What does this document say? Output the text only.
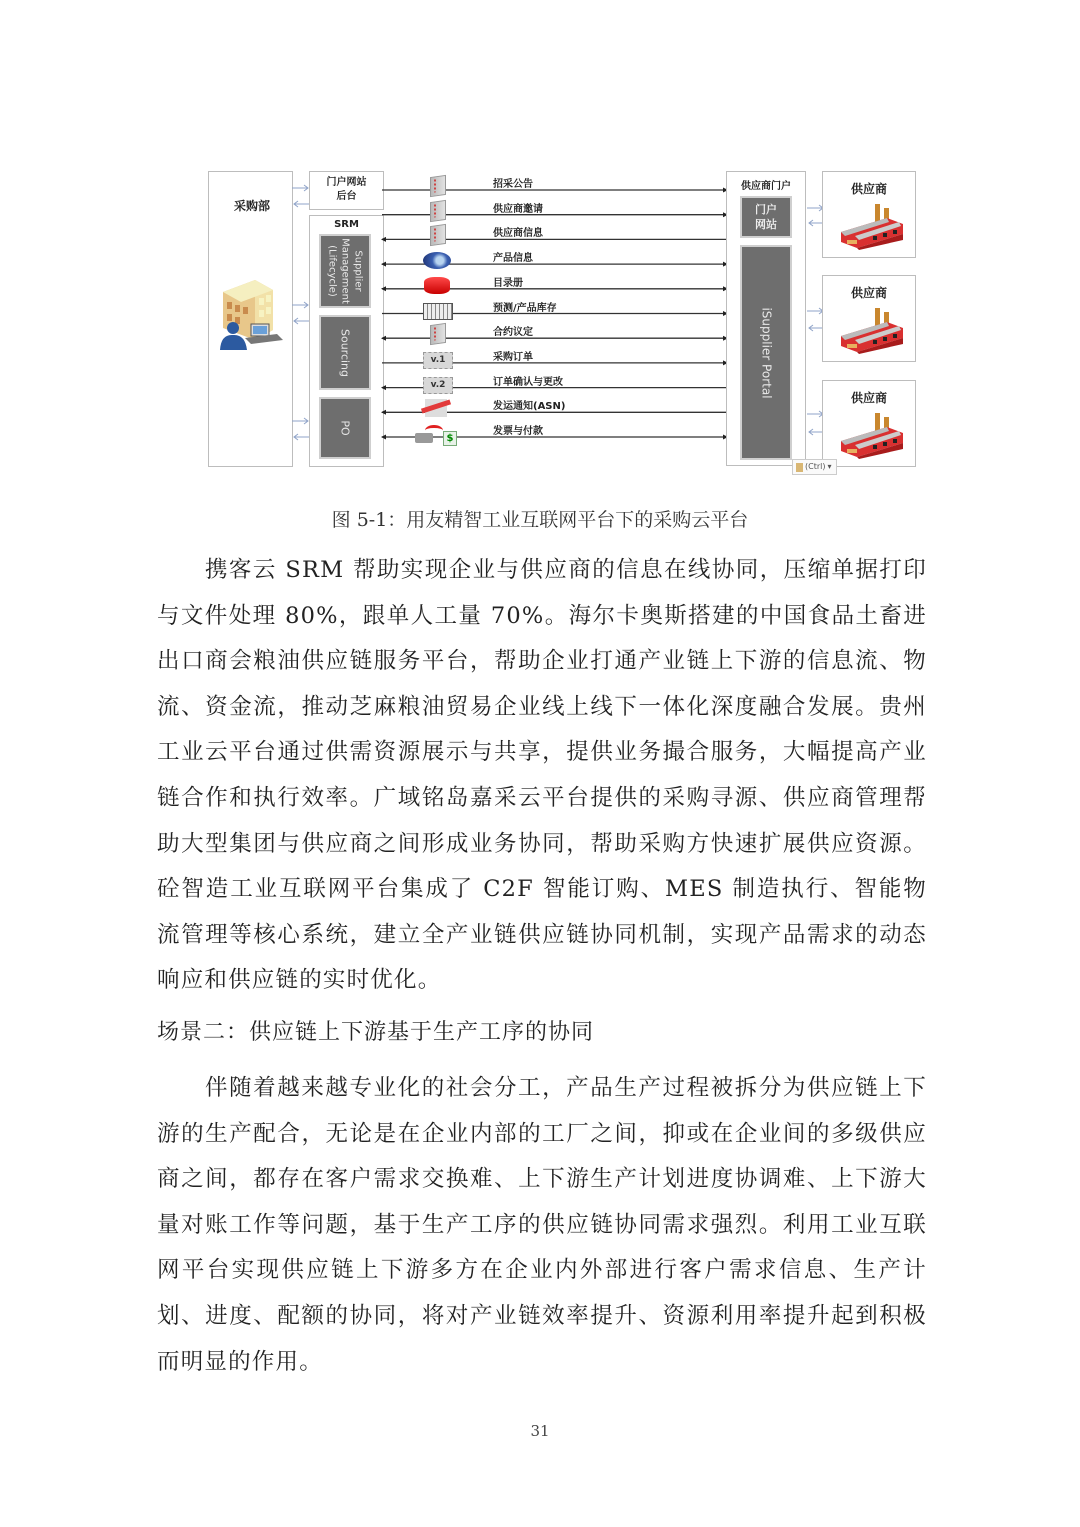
采购部
门户网站
后台
SRM
Supplier Management (Lifecycle)
Sourcing
PO
招采公告
供应商邀请
供应商信息
产品信息
目录册
预测/产品库存
合约议定
采购订单
订单确认与更改
发运通知(ASN)
发票与付款
v.1
v.2
$
供应商门户
门户
网站
iSupplier Portal
供应商
供应商
供应商
(Ctrl) ▾
图 5-1：用友精智工业互联网平台下的采购云平台
携客云 SRM 帮助实现企业与供应商的信息在线协同，压缩单据打印与文件处理 80%，跟单人工量 70%。海尔卡奥斯搭建的中国食品土畜进出口商会粮油供应链服务平台，帮助企业打通产业链上下游的信息流、物流、资金流，推动芝麻粮油贸易企业线上线下一体化深度融合发展。贵州工业云平台通过供需资源展示与共享，提供业务撮合服务，大幅提高产业链合作和执行效率。广域铭岛嘉采云平台提供的采购寻源、供应商管理帮助大型集团与供应商之间形成业务协同，帮助采购方快速扩展供应资源。砼智造工业互联网平台集成了 C2F 智能订购、MES 制造执行、智能物流管理等核心系统，建立全产业链供应链协同机制，实现产品需求的动态响应和供应链的实时优化。
场景二：供应链上下游基于生产工序的协同
伴随着越来越专业化的社会分工，产品生产过程被拆分为供应链上下游的生产配合，无论是在企业内部的工厂之间，抑或在企业间的多级供应商之间，都存在客户需求交换难、上下游生产计划进度协调难、上下游大量对账工作等问题，基于生产工序的供应链协同需求强烈。利用工业互联网平台实现供应链上下游多方在企业内外部进行客户需求信息、生产计划、进度、配额的协同，将对产业链效率提升、资源利用率提升起到积极而明显的作用。
31
